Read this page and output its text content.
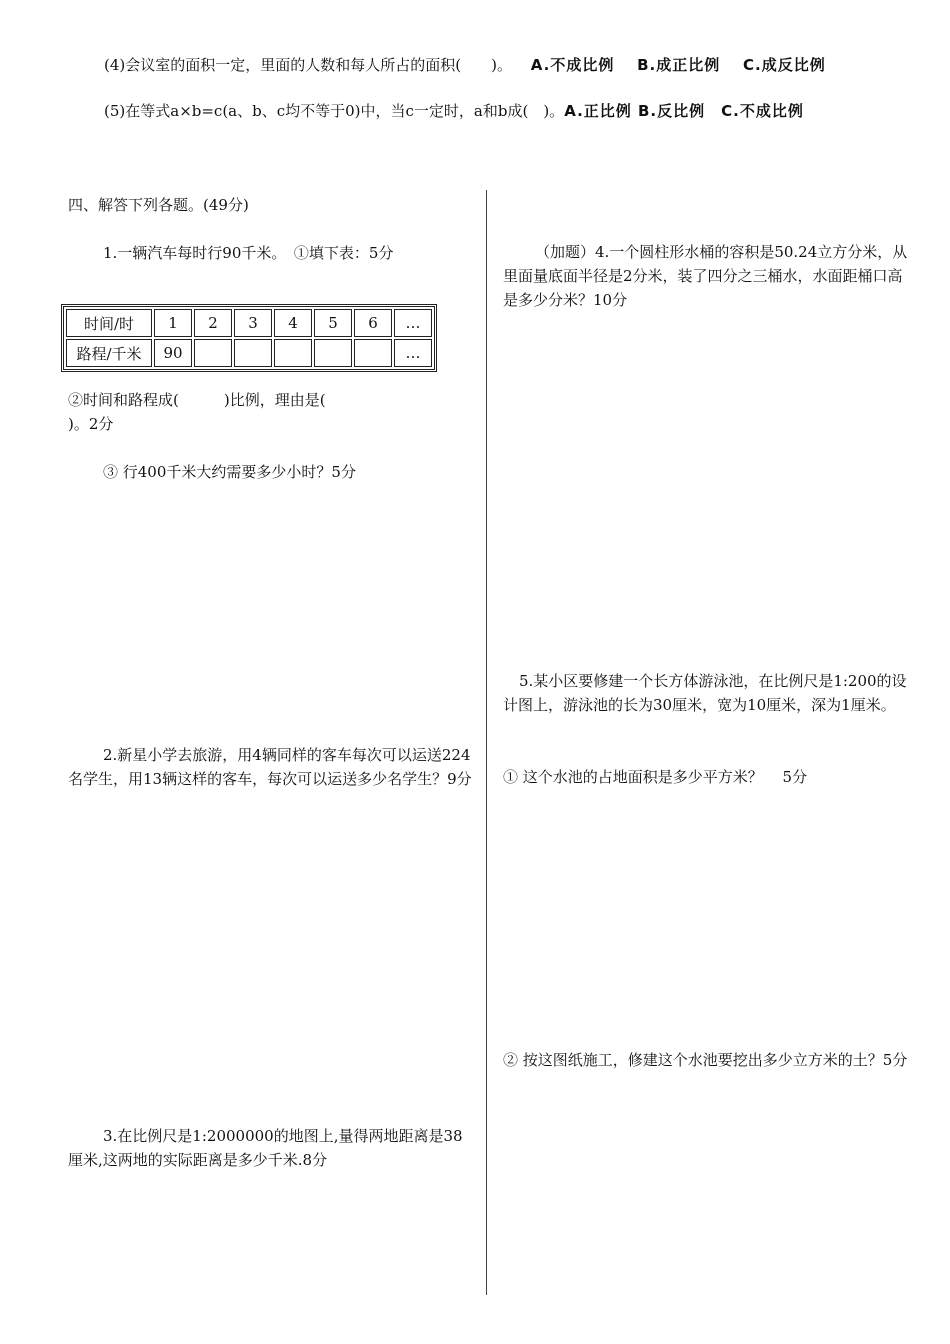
(4)会议室的面积一定，里面的人数和每人所占的面积(　　)。 A.不成比例 B.成正比例 C.成反比例
(5)在等式a×b=c(a、b、c均不等于0)中，当c一定时，a和b成(　)。A.正比例 B.反比例　C.不成比例
四、解答下列各题。(49分)
1.一辆汽车每时行90千米。　①填下表：5分
时间/时	1	2	3	4	5	6	…
路程/千米	90						…
②时间和路程成(　　　)比例，理由是(
)。2分
③ 行400千米大约需要多少小时？5分
2.新星小学去旅游，用4辆同样的客车每次可以运送224名学生，用13辆这样的客车，每次可以运送多少名学生？9分
3.在比例尺是1:2000000的地图上,量得两地距离是38厘米,这两地的实际距离是多少千米.8分
（加题）4.一个圆柱形水桶的容积是50.24立方分米，从里面量底面半径是2分米，装了四分之三桶水，水面距桶口高是多少分米？10分
5.某小区要修建一个长方体游泳池，在比例尺是1:200的设计图上，游泳池的长为30厘米，宽为10厘米，深为1厘米。
① 这个水池的占地面积是多少平方米？　 5分
② 按这图纸施工，修建这个水池要挖出多少立方米的土？5分
